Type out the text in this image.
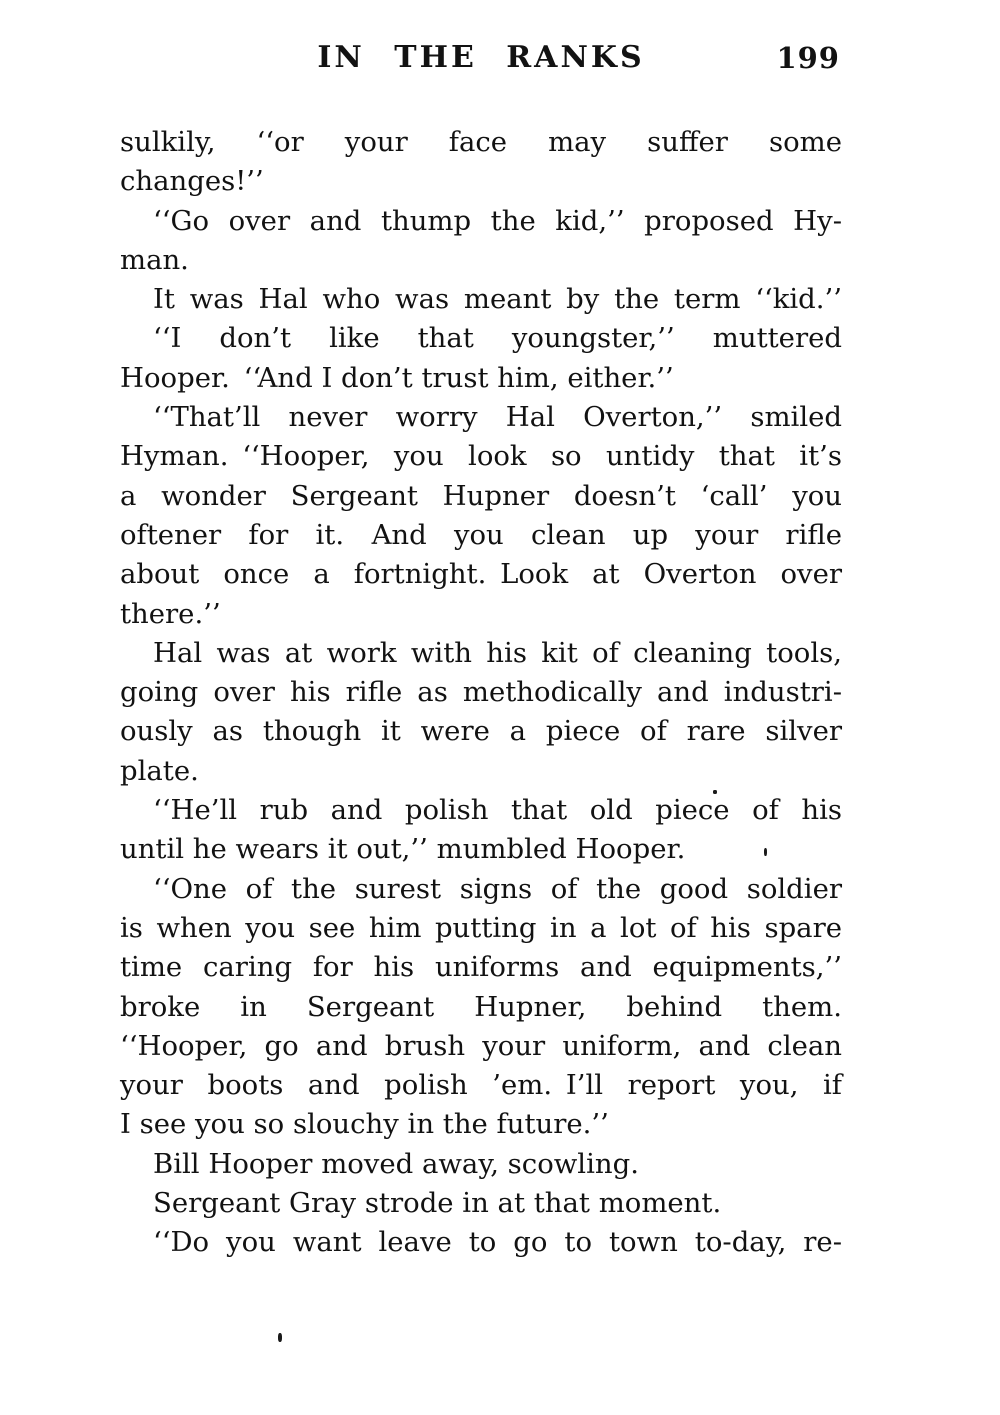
IN THE RANKS	199
sulkily, ‘‘or your face may suffer some
changes!’’
‘‘Go over and thump the kid,’’ proposed Hy-
man.
It was Hal who was meant by the term ‘‘kid.’’
‘‘I don’t like that youngster,’’ muttered
Hooper. ‘‘And I don’t trust him, either.’’
‘‘That’ll never worry Hal Overton,’’ smiled
Hyman. ‘‘Hooper, you look so untidy that it’s
a wonder Sergeant Hupner doesn’t ‘call’ you
oftener for it.  And you clean up your rifle
about once a fortnight. Look at Overton over
there.’’
Hal was at work with his kit of cleaning tools,
going over his rifle as methodically and industri-
ously as though it were a piece of rare silver
plate.
‘‘He’ll rub and polish that old piece of his
until he wears it out,’’ mumbled Hooper.
‘‘One of the surest signs of the good soldier
is when you see him putting in a lot of his spare
time caring for his uniforms and equipments,’’
broke in Sergeant Hupner, behind them.
‘‘Hooper, go and brush your uniform, and clean
your boots and polish ’em. I’ll report you, if
I see you so slouchy in the future.’’
Bill Hooper moved away, scowling.
Sergeant Gray strode in at that moment.
‘‘Do you want leave to go to town to-day, re-
